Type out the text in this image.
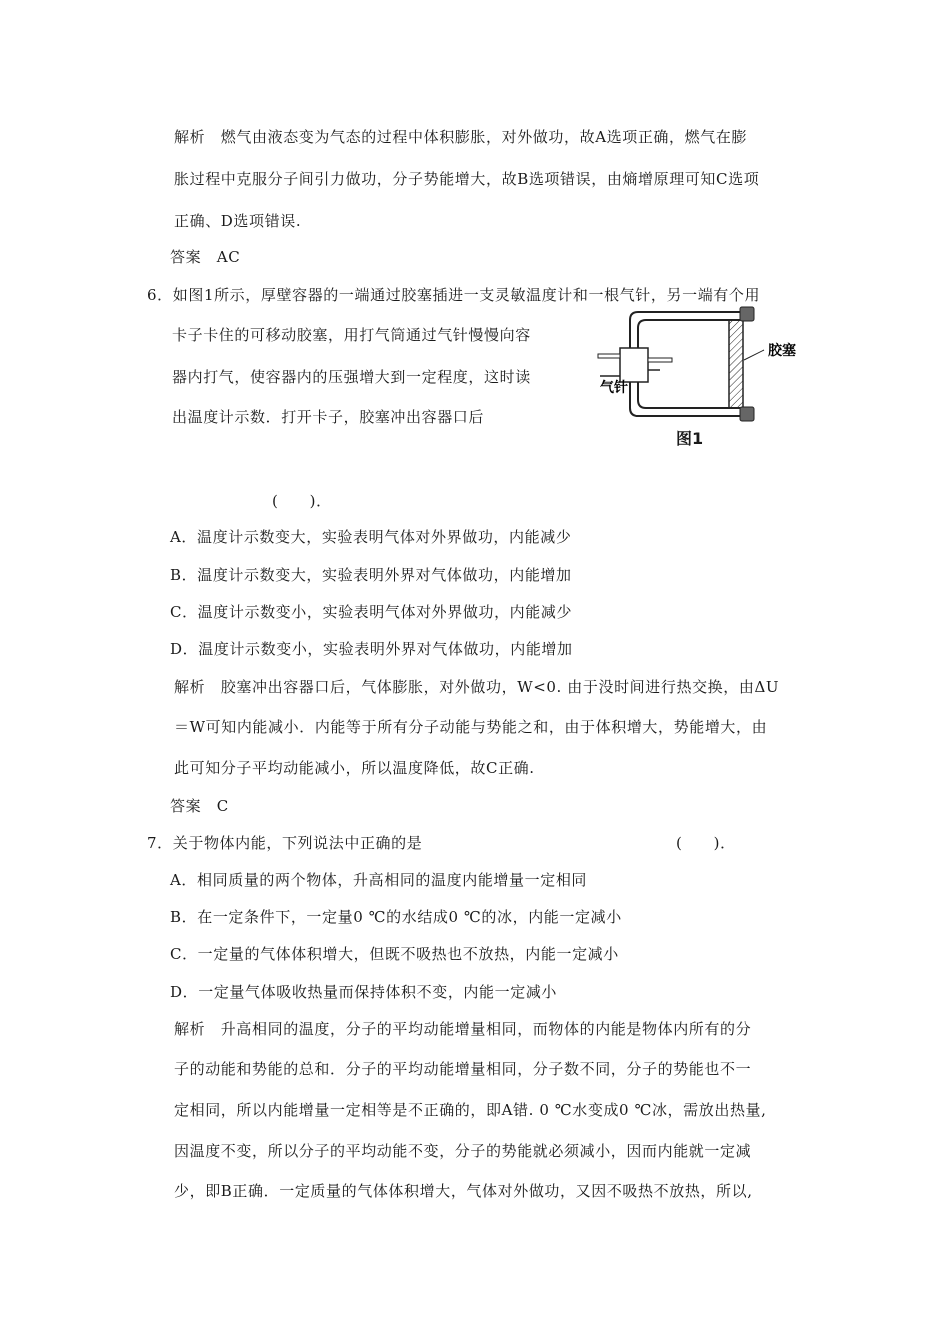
解析　燃气由液态变为气态的过程中体积膨胀，对外做功，故A选项正确，燃气在膨
胀过程中克服分子间引力做功，分子势能增大，故B选项错误，由熵增原理可知C选项
正确、D选项错误.
答案　AC
6．如图1所示，厚壁容器的一端通过胶塞插进一支灵敏温度计和一根气针，另一端有个用
卡子卡住的可移动胶塞，用打气筒通过气针慢慢向容
器内打气，使容器内的压强增大到一定程度，这时读
出温度计示数．打开卡子，胶塞冲出容器口后
胶塞
气针
图1
(　　)．
A．温度计示数变大，实验表明气体对外界做功，内能减少
B．温度计示数变大，实验表明外界对气体做功，内能增加
C．温度计示数变小，实验表明气体对外界做功，内能减少
D．温度计示数变小，实验表明外界对气体做功，内能增加
解析　胶塞冲出容器口后，气体膨胀，对外做功，W<0. 由于没时间进行热交换，由ΔU
＝W可知内能减小．内能等于所有分子动能与势能之和，由于体积增大，势能增大，由
此可知分子平均动能减小，所以温度降低，故C正确.
答案　C
7．关于物体内能，下列说法中正确的是	(　　)．
A．相同质量的两个物体，升高相同的温度内能增量一定相同
B．在一定条件下，一定量0 ℃的水结成0 ℃的冰，内能一定减小
C．一定量的气体体积增大，但既不吸热也不放热，内能一定减小
D．一定量气体吸收热量而保持体积不变，内能一定减小
解析　升高相同的温度，分子的平均动能增量相同，而物体的内能是物体内所有的分
子的动能和势能的总和．分子的平均动能增量相同，分子数不同，分子的势能也不一
定相同，所以内能增量一定相等是不正确的，即A错. 0 ℃水变成0 ℃冰，需放出热量,
因温度不变，所以分子的平均动能不变，分子的势能就必须减小，因而内能就一定减
少，即B正确．一定质量的气体体积增大，气体对外做功，又因不吸热不放热，所以,
